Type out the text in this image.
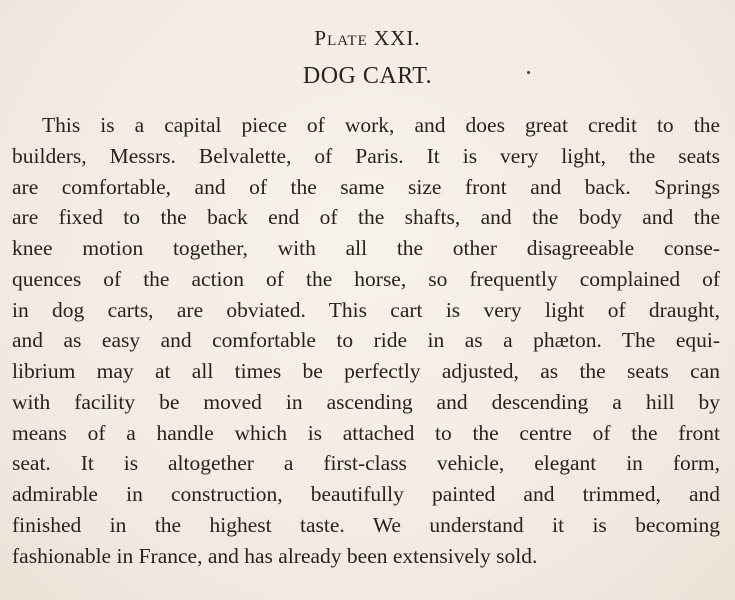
Plate XXI.
DOG CART.
This is a capital piece of work, and does great credit to the
builders, Messrs. Belvalette, of Paris. It is very light, the seats
are comfortable, and of the same size front and back. Springs
are fixed to the back end of the shafts, and the body and the
knee motion together, with all the other disagreeable conse-
quences of the action of the horse, so frequently complained of
in dog carts, are obviated. This cart is very light of draught,
and as easy and comfortable to ride in as a phæton. The equi-
librium may at all times be perfectly adjusted, as the seats can
with facility be moved in ascending and descending a hill by
means of a handle which is attached to the centre of the front
seat. It is altogether a first-class vehicle, elegant in form,
admirable in construction, beautifully painted and trimmed, and
finished in the highest taste. We understand it is becoming
fashionable in France, and has already been extensively sold.
